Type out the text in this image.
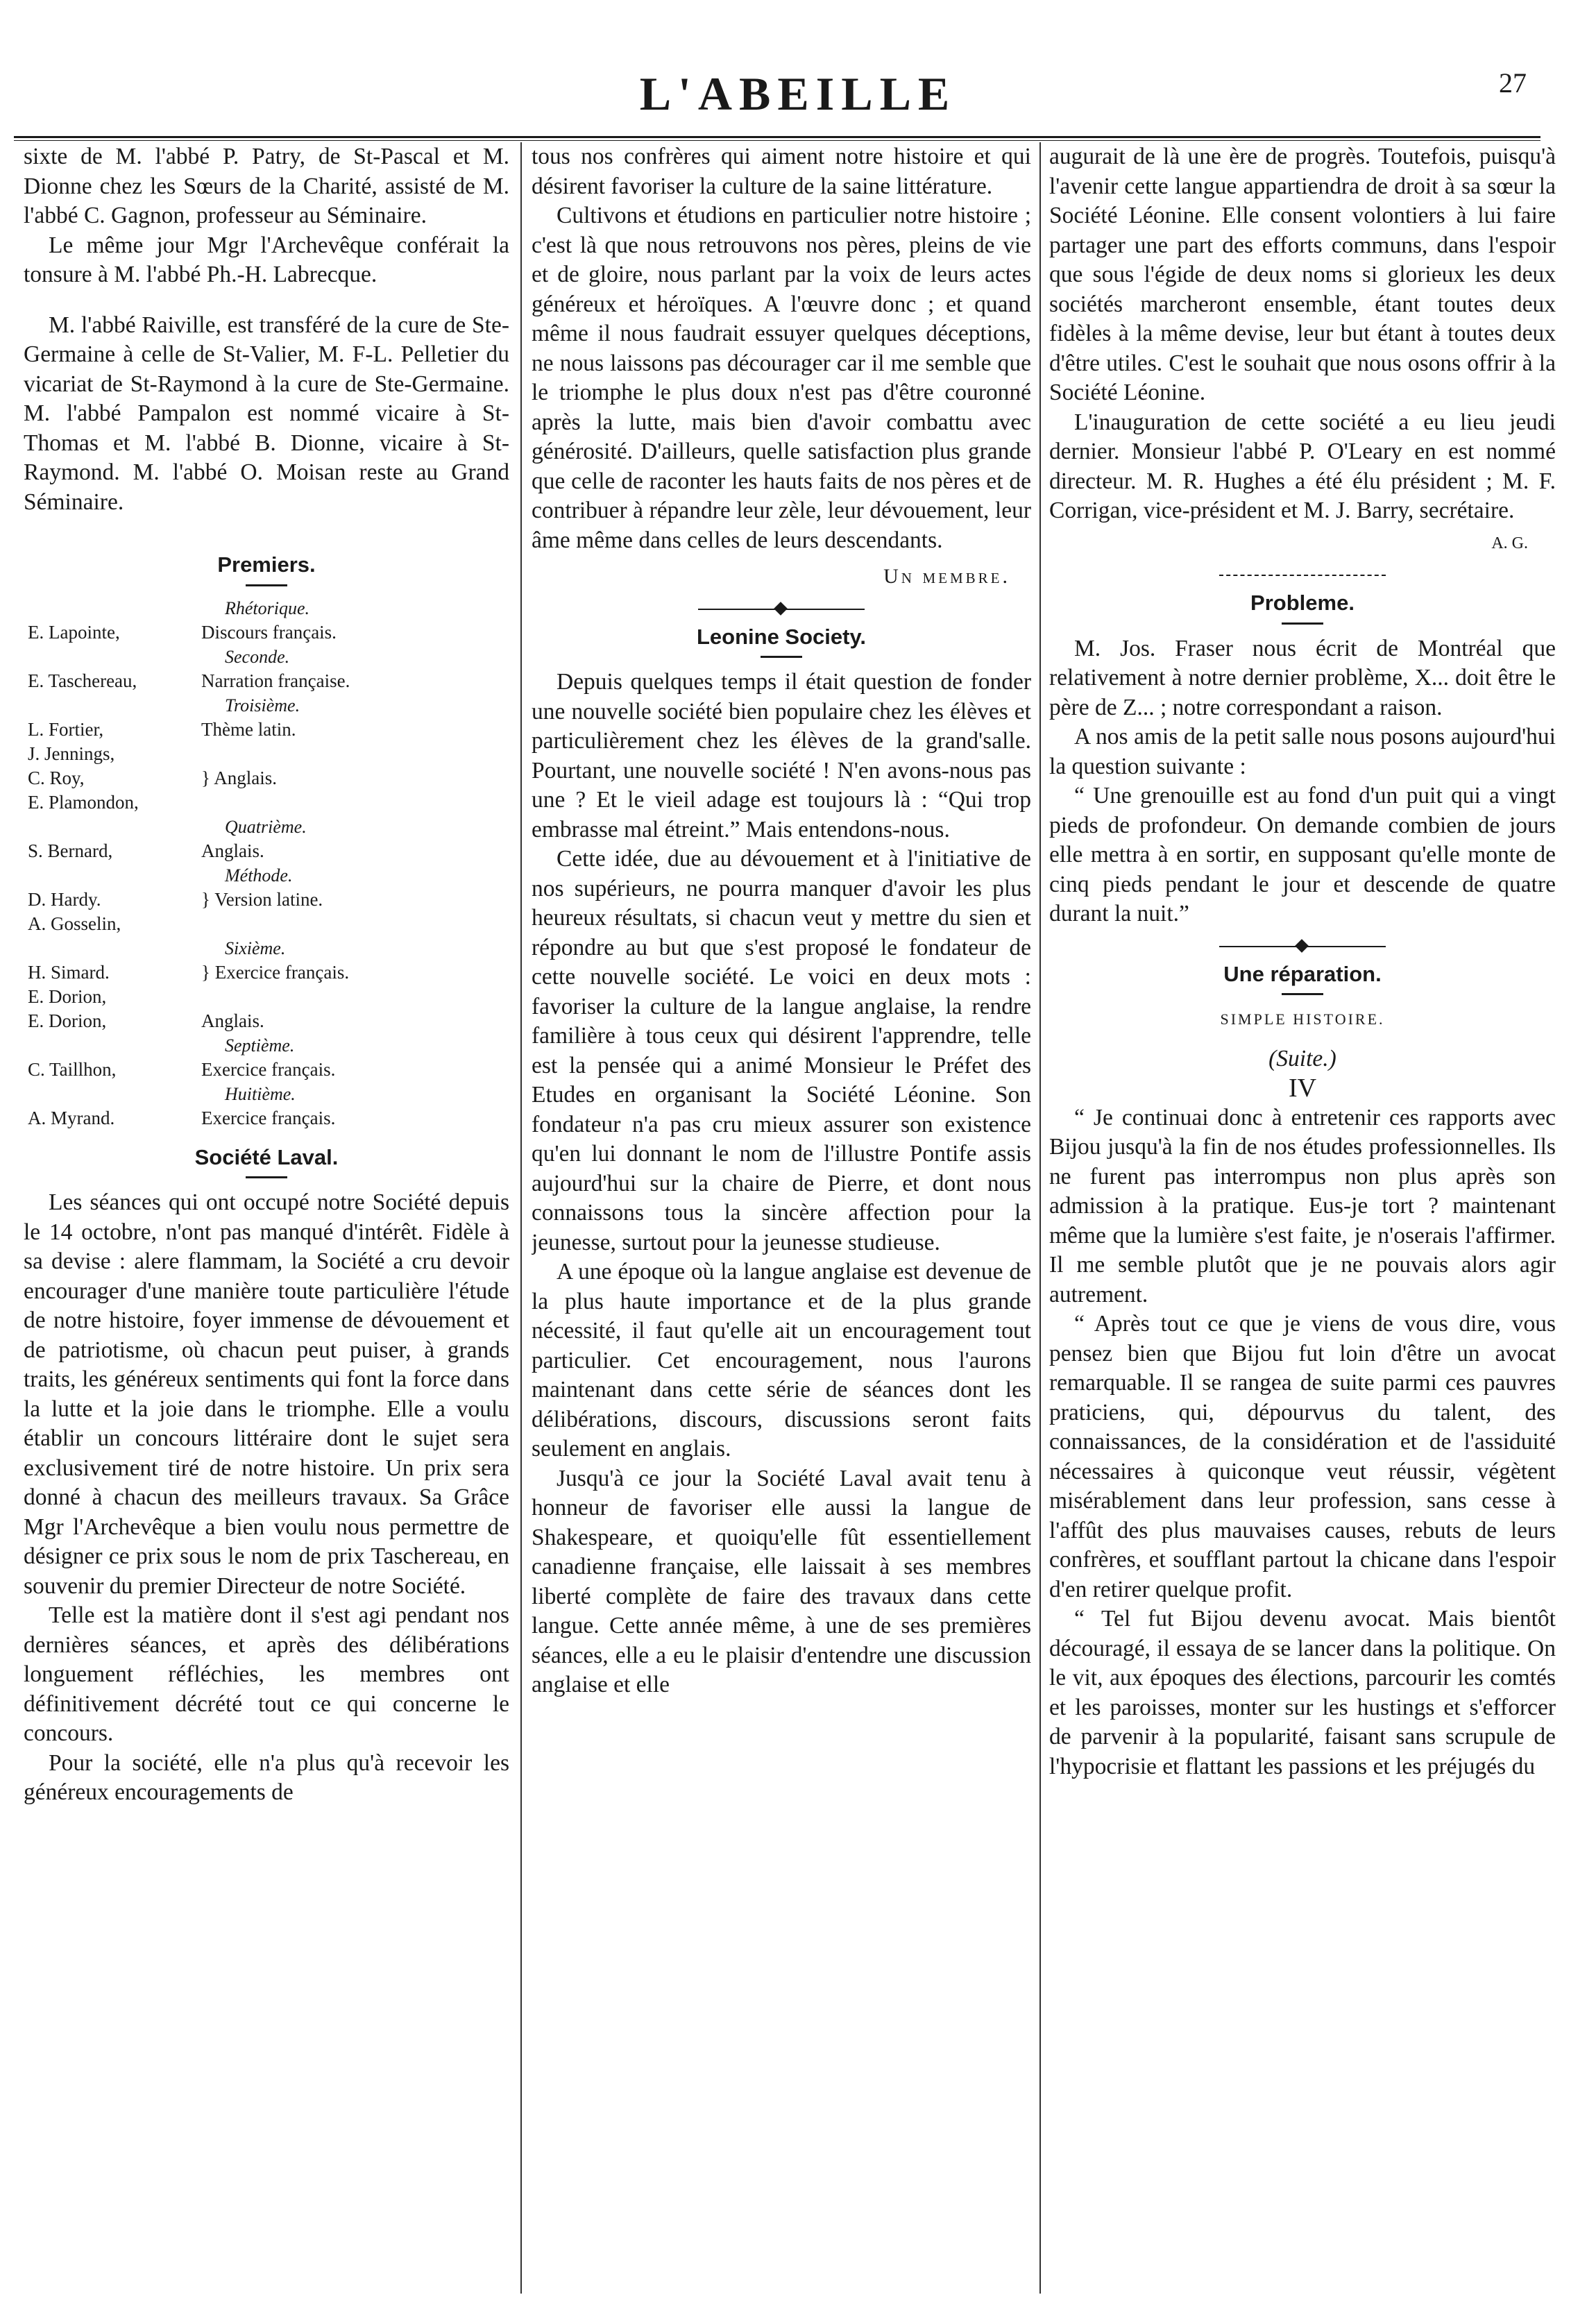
L'ABEILLE	27

sixte de M. l'abbé P. Patry, de St-Pascal et M. Dionne chez les Sœurs de la Charité, assisté de M. l'abbé C. Gagnon, professeur au Séminaire.

Le même jour Mgr l'Archevêque conférait la tonsure à M. l'abbé Ph.-H. Labrecque.

M. l'abbé Raiville, est transféré de la cure de Ste-Germaine à celle de St-Valier, M. F-L. Pelletier du vicariat de St-Raymond à la cure de Ste-Germaine. M. l'abbé Pampalon est nommé vicaire à St-Thomas et M. l'abbé B. Dionne, vicaire à St-Raymond. M. l'abbé O. Moisan reste au Grand Séminaire.

Premiers.
Rhétorique.
E. Lapointe,	Discours français.
Seconde.
E. Taschereau,	Narration française.
Troisième.
L. Fortier,	Thème latin.
J. Jennings,
C. Roy,	} Anglais.
E. Plamondon,
Quatrième.
S. Bernard,	Anglais.
Méthode.
D. Hardy.	} Version latine.
A. Gosselin,
Sixième.
H. Simard.	} Exercice français.
E. Dorion,
E. Dorion,	Anglais.
Septième.
C. Taillhon,	Exercice français.
Huitième.
A. Myrand.	Exercice français.
Société Laval.

Les séances qui ont occupé notre Société depuis le 14 octobre, n'ont pas manqué d'intérêt. Fidèle à sa devise : alere flammam, la Société a cru devoir encourager d'une manière toute particulière l'étude de notre histoire, foyer immense de dévouement et de patriotisme, où chacun peut puiser, à grands traits, les généreux sentiments qui font la force dans la lutte et la joie dans le triomphe. Elle a voulu établir un concours littéraire dont le sujet sera exclusivement tiré de notre histoire. Un prix sera donné à chacun des meilleurs travaux. Sa Grâce Mgr l'Archevêque a bien voulu nous permettre de désigner ce prix sous le nom de prix Taschereau, en souvenir du premier Directeur de notre Société.

Telle est la matière dont il s'est agi pendant nos dernières séances, et après des délibérations longuement réfléchies, les membres ont définitivement décrété tout ce qui concerne le concours.

Pour la société, elle n'a plus qu'à recevoir les généreux encouragements de

tous nos confrères qui aiment notre histoire et qui désirent favoriser la culture de la saine littérature.

Cultivons et étudions en particulier notre histoire ; c'est là que nous retrouvons nos pères, pleins de vie et de gloire, nous parlant par la voix de leurs actes généreux et héroïques. A l'œuvre donc ; et quand même il nous faudrait essuyer quelques déceptions, ne nous laissons pas décourager car il me semble que le triomphe le plus doux n'est pas d'être couronné après la lutte, mais bien d'avoir combattu avec générosité. D'ailleurs, quelle satisfaction plus grande que celle de raconter les hauts faits de nos pères et de contribuer à répandre leur zèle, leur dévouement, leur âme même dans celles de leurs descendants.

Un membre.
Leonine Society.

Depuis quelques temps il était question de fonder une nouvelle société bien populaire chez les élèves et particulièrement chez les élèves de la grand'salle. Pourtant, une nouvelle société ! N'en avons-nous pas une ? Et le vieil adage est toujours là : “Qui trop embrasse mal étreint.” Mais entendons-nous.

Cette idée, due au dévouement et à l'initiative de nos supérieurs, ne pourra manquer d'avoir les plus heureux résultats, si chacun veut y mettre du sien et répondre au but que s'est proposé le fondateur de cette nouvelle société. Le voici en deux mots : favoriser la culture de la langue anglaise, la rendre familière à tous ceux qui désirent l'apprendre, telle est la pensée qui a animé Monsieur le Préfet des Etudes en organisant la Société Léonine. Son fondateur n'a pas cru mieux assurer son existence qu'en lui donnant le nom de l'illustre Pontife assis aujourd'hui sur la chaire de Pierre, et dont nous connaissons tous la sincère affection pour la jeunesse, surtout pour la jeunesse studieuse.

A une époque où la langue anglaise est devenue de la plus haute importance et de la plus grande nécessité, il faut qu'elle ait un encouragement tout particulier. Cet encouragement, nous l'aurons maintenant dans cette série de séances dont les délibérations, discours, discussions seront faits seulement en anglais.

Jusqu'à ce jour la Société Laval avait tenu à honneur de favoriser elle aussi la langue de Shakespeare, et quoiqu'elle fût essentiellement canadienne française, elle laissait à ses membres liberté complète de faire des travaux dans cette langue. Cette année même, à une de ses premières séances, elle a eu le plaisir d'entendre une discussion anglaise et elle

augurait de là une ère de progrès. Toutefois, puisqu'à l'avenir cette langue appartiendra de droit à sa sœur la Société Léonine. Elle consent volontiers à lui faire partager une part des efforts communs, dans l'espoir que sous l'égide de deux noms si glorieux les deux sociétés marcheront ensemble, étant toutes deux fidèles à la même devise, leur but étant à toutes deux d'être utiles. C'est le souhait que nous osons offrir à la Société Léonine.

L'inauguration de cette société a eu lieu jeudi dernier. Monsieur l'abbé P. O'Leary en est nommé directeur. M. R. Hughes a été élu président ; M. F. Corrigan, vice-président et M. J. Barry, secrétaire.

A. G.
Probleme.

M. Jos. Fraser nous écrit de Montréal que relativement à notre dernier problème, X... doit être le père de Z... ; notre correspondant a raison.

A nos amis de la petit salle nous posons aujourd'hui la question suivante :

“ Une grenouille est au fond d'un puit qui a vingt pieds de profondeur. On demande combien de jours elle mettra à en sortir, en supposant qu'elle monte de cinq pieds pendant le jour et descende de quatre durant la nuit.”

Une réparation.
SIMPLE HISTOIRE.
(Suite.)
IV

“ Je continuai donc à entretenir ces rapports avec Bijou jusqu'à la fin de nos études professionnelles. Ils ne furent pas interrompus non plus après son admission à la pratique. Eus-je tort ? maintenant même que la lumière s'est faite, je n'oserais l'affirmer. Il me semble plutôt que je ne pouvais alors agir autrement.

“ Après tout ce que je viens de vous dire, vous pensez bien que Bijou fut loin d'être un avocat remarquable. Il se rangea de suite parmi ces pauvres praticiens, qui, dépourvus du talent, des connaissances, de la considération et de l'assiduité nécessaires à quiconque veut réussir, végètent misérablement dans leur profession, sans cesse à l'affût des plus mauvaises causes, rebuts de leurs confrères, et soufflant partout la chicane dans l'espoir d'en retirer quelque profit.

“ Tel fut Bijou devenu avocat. Mais bientôt découragé, il essaya de se lancer dans la politique. On le vit, aux époques des élections, parcourir les comtés et les paroisses, monter sur les hustings et s'efforcer de parvenir à la popularité, faisant sans scrupule de l'hypocrisie et flattant les passions et les préjugés du
